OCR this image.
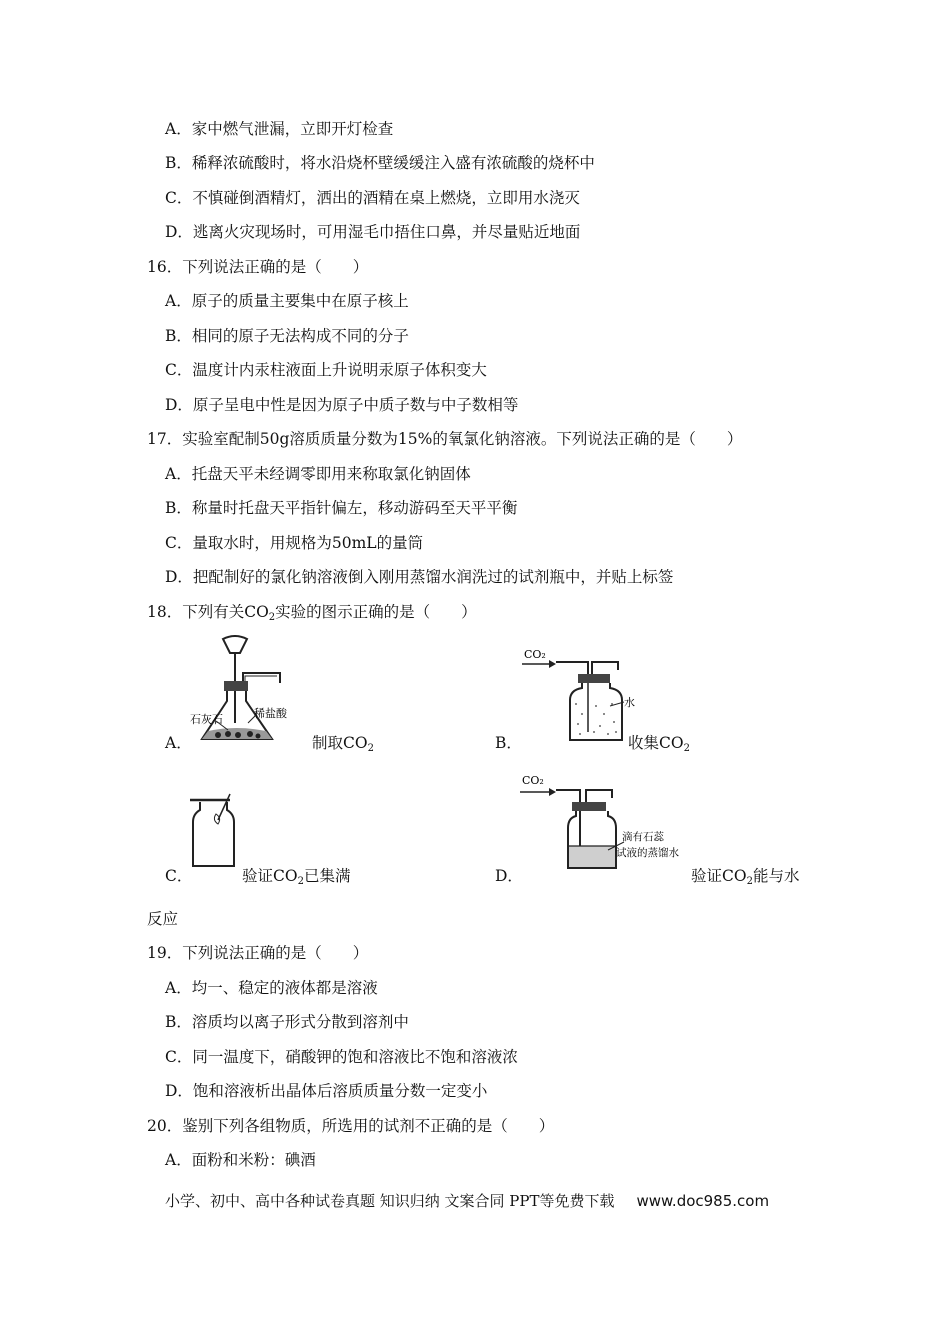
A．家中燃气泄漏，立即开灯检查
B．稀释浓硫酸时，将水沿烧杯壁缓缓注入盛有浓硫酸的烧杯中
C．不慎碰倒酒精灯，洒出的酒精在桌上燃烧，立即用水浇灭
D．逃离火灾现场时，可用湿毛巾捂住口鼻，并尽量贴近地面
16．下列说法正确的是（　　）
A．原子的质量主要集中在原子核上
B．相同的原子无法构成不同的分子
C．温度计内汞柱液面上升说明汞原子体积变大
D．原子呈电中性是因为原子中质子数与中子数相等
17．实验室配制50g溶质质量分数为15%的氧氯化钠溶液。下列说法正确的是（　　）
A．托盘天平未经调零即用来称取氯化钠固体
B．称量时托盘天平指针偏左，移动游码至天平平衡
C．量取水时，用规格为50mL的量筒
D．把配制好的氯化钠溶液倒入刚用蒸馏水润洗过的试剂瓶中，并贴上标签
18．下列有关$CO_2$实验的图示正确的是（　　）
石灰石	稀盐酸
A．	制取$CO_2$
CO₂
水
B．	收集$CO_2$
C．	验证$CO_2$已集满
CO₂
滴有石蕊
试液的蒸馏水
D．	验证$CO_2$能与水
反应
19．下列说法正确的是（　　）
A．均一、稳定的液体都是溶液
B．溶质均以离子形式分散到溶剂中
C．同一温度下，硝酸钾的饱和溶液比不饱和溶液浓
D．饱和溶液析出晶体后溶质质量分数一定变小
20．鉴别下列各组物质，所选用的试剂不正确的是（　　）
A．面粉和米粉：碘酒
小学、初中、高中各种试卷真题 知识归纳 文案合同 PPT等免费下载 www.doc985.com
